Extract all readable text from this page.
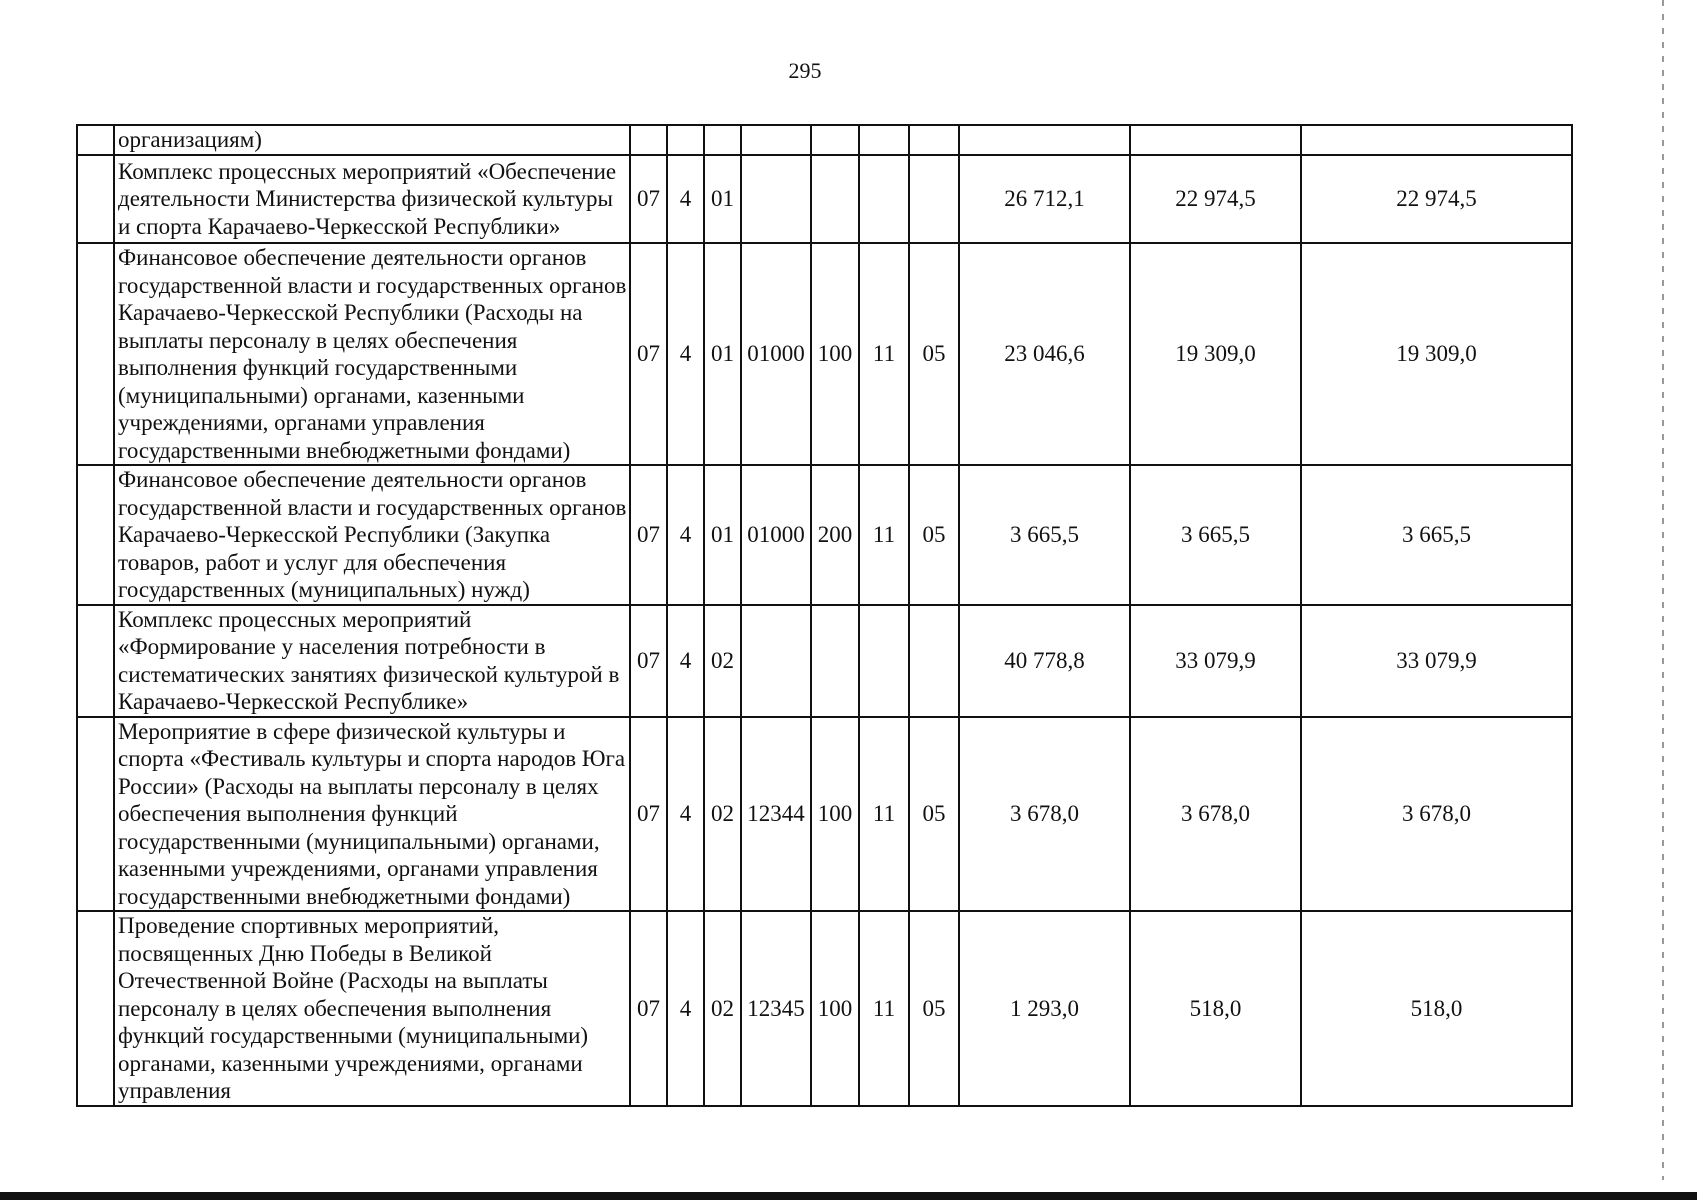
295
	организациям)										
	Комплекс процессных мероприятий «Обеспечение деятельности Министерства физической культуры и спорта Карачаево-Черкесской Республики»	07	4	01					26 712,1	22 974,5	22 974,5
	Финансовое обеспечение деятельности органов государственной власти и государственных органов Карачаево-Черкесской Республики (Расходы на выплаты персоналу в целях обеспечения выполнения функций государственными (муниципальными) органами, казенными учреждениями, органами управления государственными внебюджетными фондами)	07	4	01	01000	100	11	05	23 046,6	19 309,0	19 309,0
	Финансовое обеспечение деятельности органов государственной власти и государственных органов Карачаево-Черкесской Республики (Закупка товаров, работ и услуг для обеспечения государственных (муниципальных) нужд)	07	4	01	01000	200	11	05	3 665,5	3 665,5	3 665,5
	Комплекс процессных мероприятий «Формирование у населения потребности в систематических занятиях физической культурой в Карачаево-Черкесской Республике»	07	4	02					40 778,8	33 079,9	33 079,9
	Мероприятие в сфере физической культуры и спорта «Фестиваль культуры и спорта народов Юга России» (Расходы на выплаты персоналу в целях обеспечения выполнения функций государственными (муниципальными) органами, казенными учреждениями, органами управления государственными внебюджетными фондами)	07	4	02	12344	100	11	05	3 678,0	3 678,0	3 678,0
	Проведение спортивных мероприятий, посвященных Дню Победы в Великой Отечественной Войне (Расходы на выплаты персоналу в целях обеспечения выполнения функций государственными (муниципальными) органами, казенными учреждениями, органами управления	07	4	02	12345	100	11	05	1 293,0	518,0	518,0
